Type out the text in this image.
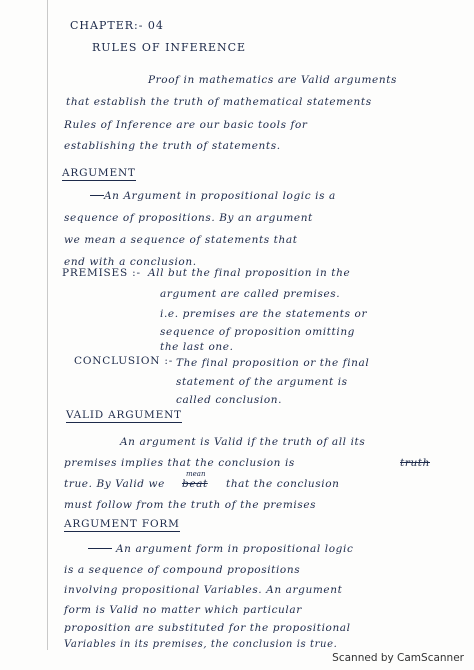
CHAPTER:- 04
RULES OF INFERENCE
Proof in mathematics are Valid arguments
that establish the truth of mathematical statements
Rules of Inference are our basic tools for
establishing the truth of statements.
ARGUMENT
An Argument in propositional logic is a
sequence of propositions. By an argument
we mean a sequence of statements that
end with a conclusion.
PREMISES :- All but the final proposition in the
argument are called premises.
i.e. premises are the statements or
sequence of proposition omitting
the last one.
CONCLUSION :- The final proposition or the final
statement of the argument is
called conclusion.
VALID ARGUMENT
An argument is Valid if the truth of all its
premises implies that the conclusion is	truth
mean
true. By Valid we beat that the conclusion
must follow from the truth of the premises
ARGUMENT FORM
An argument form in propositional logic
is a sequence of compound propositions
involving propositional Variables. An argument
form is Valid no matter which particular
proposition are substituted for the propositional
Variables in its premises, the conclusion is true.
Scanned by CamScanner
